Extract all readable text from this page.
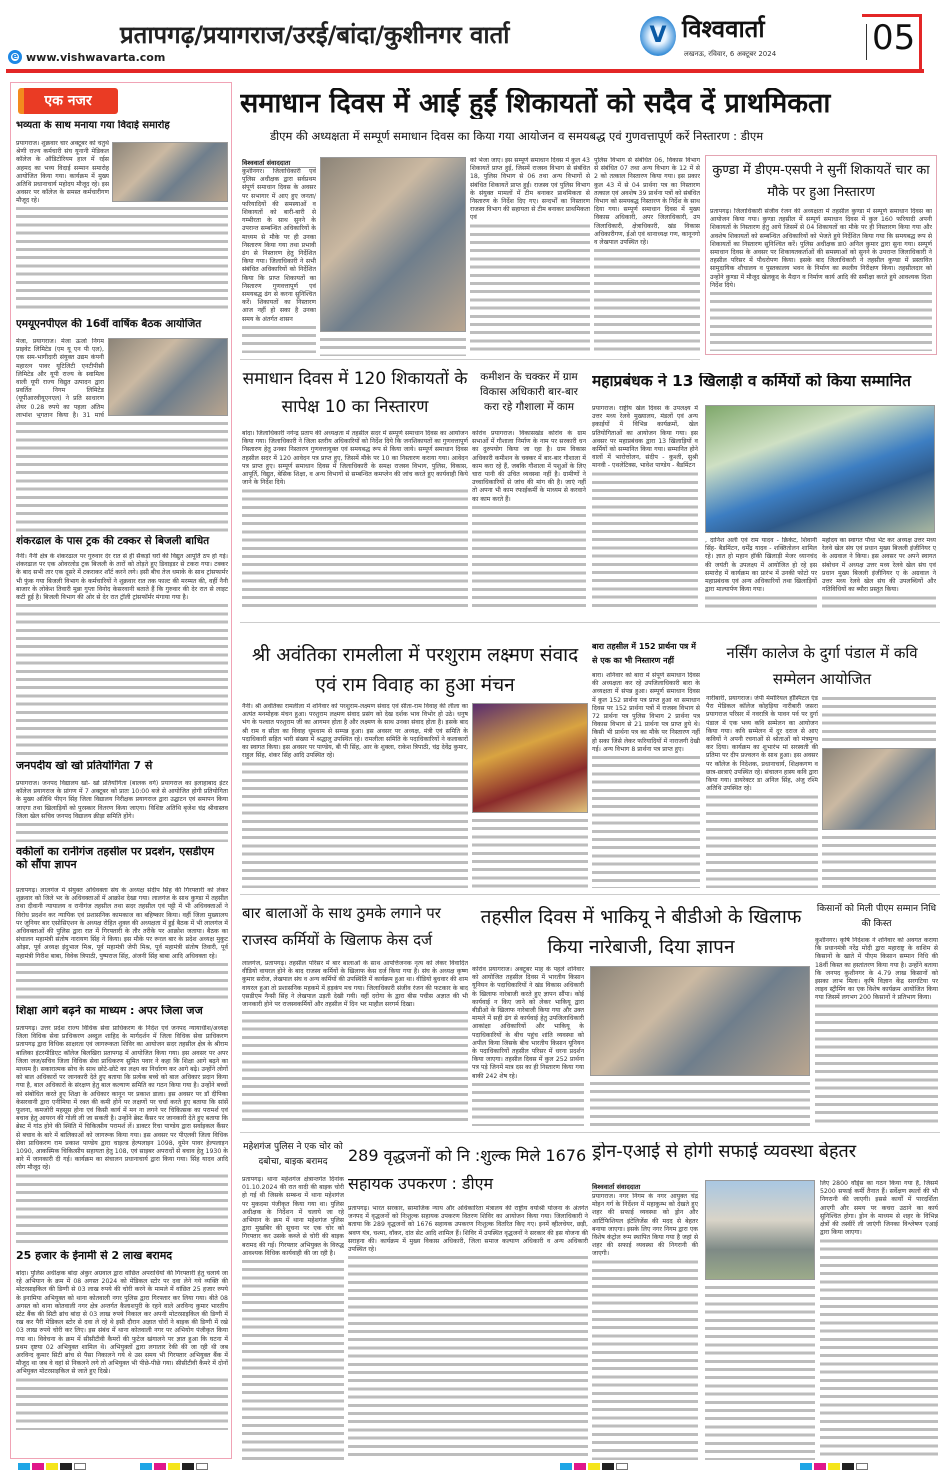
e www.vishwavarta.com
प्रतापगढ़/प्रयागराज/उरई/बांदा/कुशीनगर वार्ता	V विश्ववार्ता
लखनऊ, रविवार, 6 अक्टूबर 2024	05
एक नजर
भव्यता के साथ मनाया गया विदाई समारोह

प्रयागराज। शुक्रवार चार अक्टूबर को चतुर्थ श्रेणी राज्य कर्मचारी संघ यूनानी मेडिकल कॉलेज के ऑडिटोरियम हाल में रईस अहमद का भव्य विदाई सम्मान समारोह आयोजित किया गया। कार्यक्रम में मुख्य अतिथि प्रधानाचार्य महोदय मौजूद रहे। इस अवसर पर कॉलेज के समस्त कर्मचारीगण मौजूद रहे।

एमयूएनपीएल की 16वीं वार्षिक बैठक आयोजित

मेजा, प्रयागराज। मेजा ऊर्जा निगम प्राइवेट लिमिटेड (एम यू एन पी एल), एक सम-भागीदारी संयुक्त उद्यम कंपनी महारत्न पावर यूटिलिटी एनटीपीसी लिमिटेड और यूपी राज्य के स्वामित्व वाली यूपी राज्य विद्युत उत्पादन द्वारा प्रवर्तित निगम लिमिटेड (यूपीआरवीयूएनएल) ने प्रति साधारण शेयर 0.28 रुपये का पहला अंतिम लाभांश भुगतान किया है। 31 मार्च

शंकरढाल के पास ट्रक की टक्कर से बिजली बाधित

नैनी। नैनी क्षेत्र के शंकरढाल पर गुरुवार देर रात से ही सैकड़ों घरों की विद्युत आपूर्ति ठप हो गई। शंकरढाल पर एक ओवरलोड ट्रक बिजली के तारों को तोड़ते हुए डिवाइडर से टकरा गया। टक्कर के बाद सभी तार एक दूसरे में टकराकर शॉर्ट करने लगे। इसी बीच तेज धमाके के साथ ट्रांसफार्मर भी फुंक गया बिजली विभाग के कर्मचारियों ने शुक्रवार रात तक फाल्ट की मरम्मत की, वहीं नैनी बाजार के लोकेश तिवारी मुन्ना गुप्ता विनोद केसरवानी बताते हैं कि गुरुवार की देर रात से लाइट कटी हुई है। बिजली विभाग की ओर से देर रात ट्रॉली ट्रांसफॉर्मर मंगाया गया है।

जनपदीय खो खो प्रतियोगिता 7 से

प्रयागराज। जनपद विद्यालय खो- खो प्रतियोगिता (बालक वर्ग) प्रयागराज का इलाहाबाद इंटर कॉलेज प्रयागराज के प्रांगण में 7 अक्टूबर को प्रातः 10:00 बजे से आयोजित होगी प्रतियोगिता के मुख्य अतिथि पीएन सिंह जिला विद्यालय निरीक्षक प्रयागराज द्वारा उद्घाटन एवं समापन किया जाएगा तथा खिलाड़ियों को पुरस्कार वितरण किया जाएगा। विशिष्ट अतिथि बृजेश चंद्र श्रीवास्तव जिला खेल सचिव जनपद विद्यालय क्रीड़ा समिति होंगे।

वकीलों का रानीगंज तहसील पर प्रदर्शन, एसडीएम को सौंपा ज्ञापन

प्रतापगढ़। लालगंज मे संयुक्त अधिवक्ता संघ के अध्यक्ष संदीप सिंह की गिरफ्तारी को लेकर शुक्रवार को जिले भर के अधिवक्ताओं में आक्रोश देखा गया। लालगंज के साथ कुण्डा में तहसील तथा दीवानी न्यायालय व रानीगंज तहसील तथा सदर तहसील एवं पट्टी में भी अधिवक्ताओं ने विरोध प्रदर्शन कर न्यायिक एवं प्रशासनिक कामकाज का बहिष्कार किया। वहीं जिला मुख्यालय पर जूनियर बार एसोसिएशन के अध्यक्ष रोहित शुक्ल की अध्यक्षता में हुई बैठक में भी लालगंज में अधिवक्ताओं की पुलिस द्वारा रात में गिरफ्तारी के तौर तरीके पर आक्रोश जताया। बैठक का संचालन महामंत्री संतोष नारायण सिंह ने किया। इस मौके पर रूरल बार के प्रदेश अध्यक्ष मुकुट ओझा, पूर्व अध्यक्ष इंदुभाल मिश्र, पूर्व महामंत्री जेपी मिश्र, पूर्व महामंत्री संतोष तिवारी, पूर्व महामंत्री गिरीश बाबा, विवेक त्रिपाठी, पुष्पराज सिंह, अंजनी सिंह बाबा आदि अधिवक्ता रहे।

शिक्षा आगे बढ़ने का माध्यम : अपर जिला जज

प्रतापगढ़। उत्तर प्रदेश राज्य विधिक सेवा प्राधिकरण के निर्देश एवं जनपद न्यायाधीश/अध्यक्ष जिला विधिक सेवा प्राधिकरण अब्दुल शाहिद के मार्गदर्शन में जिला विधिक सेवा प्राधिकरण प्रतापगढ़ द्वारा विधिक साक्षरता एवं जागरूकता शिविर का आयोजन सदर तहसील क्षेत्र के श्रीराम बालिका इंटरमीडिएट कॉलेज बिलखिरा प्रतापगढ़ में आयोजित किया गया। इस अवसर पर अपर जिला जज/सचिव जिला विधिक सेवा प्राधिकरण सुमित पवार ने कहा कि शिक्षा आगे बढ़ने का माध्यम है। सकारात्मक सोच के साथ छोटे-छोटे का लक्ष्य का निर्धारण कर आगे बढ़े। उन्होंने लोगों को बाल अधिकारों पर जानकारी देते हुए बताया कि प्रत्येक बच्चे को बाल अधिकार प्रदान किया गया है, बाल अधिकारों के संरक्षण हेतु बाल कल्याण समिति का गठन किया गया है। उन्होंने बच्चों को संबोधित करते हुए शिक्षा के अधिकार कानून पर प्रकाश डाला। इस अवसर पर डॉ दीपिका केसरवानी द्वारा एनीमिया में रक्त की कमी होने पर लक्षणों पर चर्चा करते हुए बताया कि सांसें फूलना, कमजोरी महसूस होना एवं किसी कार्य में मन ना लगने पर चिकित्सक का परामर्श एवं बचाव हेतु आयरन की गोली ली जा सकती है। उन्होंने ब्रेस्ट कैंसर पर जानकारी देते हुए बताया कि ब्रेस्ट में गांठ होने की स्थिति में चिकित्सीय परामर्श लें। डाक्टर रिचा पाण्डेय द्वारा सर्वाइकल कैंसर से बचाव के बारे में बालिकाओं को जागरूक किया गया। इस अवसर पर पीएलवी जिला विधिक सेवा प्राधिकरण राम प्रकाश पाण्डेय द्वारा चाइल्ड हेल्पलाइन 1098, वूमेन पावर हेल्पलाइन 1090, आकस्मिक चिकित्सीय सहायता हेतु 108, एवं साइबर अपराधों से बचाव हेतु 1930 के बारे में जानकारी दी गई। कार्यक्रम का संचालन प्रधानाचार्य द्वारा किया गया। सिंह यादव आदि लोग मौजूद रहे।

25 हजार के ईनामी से 2 लाख बरामद

बांदा। पुलिस अधीक्षक बांदा अंकुर अग्रवाल द्वारा वांछित अपराधियों की गिरफ्तारी हेतु चलाये जा रहे अभियान के क्रम में 08 अगस्त 2024 को मेडिकल स्टोर पर दवा लेने गये व्यक्ति की मोटरसाइकिल की डिग्गी से 03 लाख रुपये की चोरी करने के मामले में वांछित 25 हजार रुपये के इनामिया अभियुक्त को थाना कोतवाली नगर पुलिस द्वारा गिरफ्तार कर लिया गया। बीते 08 अगस्त को थाना कोतवाली नगर क्षेत्र अन्तर्गत कैलाशपुरी के रहने वाले अरविन्द कुमार भारतीय स्टेट बैंक की सिटी ब्रांच बांदा से 03 लाख रुपये निकाल कर अपनी मोटरसाइकिल की डिग्गी में रख कर पैरी मेडिकल स्टोर से दवा ले रहे थे इसी दौरान अज्ञात चोरों ने बाइक की डिग्गी में रखे 03 लाख रुपये चोरी कर लिए। इस संबंध में थाना कोतवाली नगर पर अभियोग पंजीकृत किया गया था। विवेचना के क्रम में सीसीटीवी कैमरों की फुटेज खंगालने पर ज्ञात हुआ कि घटना में प्रथम दृष्टया 02 अभियुक्त शामिल थे। अभियुक्तों द्वारा लगातार रेकी की जा रही थी जब अरविन्द कुमार सिटी ब्रांच से पैसा निकालने गये थे उस समय भी गिरफ्तार अभियुक्त बैंक में मौजूद था जब वे वहां से निकलने लगे तो अभियुक्त भी पीछे-पीछे गया। सीसीटीवी कैमरे में दोनों अभियुक्त मोटरसाइकिल से जाते हुए दिखे।

समाधान दिवस में आई हुईं शिकायतों को सदैव दें प्राथमिकता
डीएम की अध्यक्षता में सम्पूर्ण समाधान दिवस का किया गया आयोजन व समयबद्ध एवं गुणवत्तापूर्ण करें निस्तारण : डीएम
विश्ववार्ता संवाददाता

कुशीनगर। जिलाधिकारी एवं पुलिस अधीक्षक द्वारा सर्वप्रथम संपूर्ण समाधान दिवस के अवसर पर सभागार में आए हुए जनता/ फरियादियों की समस्याओं व शिकायतों को बारी-बारी से गम्भीरता के साथ सुनने के उपरान्त सम्बन्धित अधिकारियों के माध्यम से मौके पर ही उनका निस्तारण किया गया तथा प्रभावी ढंग से निस्तारण हेतु निर्देशित किया गया। जिलाधिकारी ने सभी संबंधित अधिकारियों को निर्देशित किया कि प्राप्त शिकायतों का निस्तारण गुणवत्तापूर्ण एवं समयबद्ध ढंग से करना सुनिश्चित करें। शिकायतों का निस्तारण आज नहीं हो सका है उनका समय के अंतर्गत शासन

को भेजा जाए। इस सम्पूर्ण समाधान दिवस में कुल 43 शिकायतें प्राप्त हुई, जिसमें राजस्व विभाग से संबंधित 18, पुलिस विभाग से 06 तथा अन्य विभागों से संबंधित शिकायतें प्राप्त हुईं। राजस्व एवं पुलिस विभाग के संयुक्त मामलों में टीम बनाकर प्राथमिकता से निस्तारण के निर्देश दिए गए। सन्दर्भों का निस्तारण राजस्व विभाग की सहायता से टीम बनाकर प्राथमिकता एवं

पुलिस विभाग से संबंधित 06, विकास विभाग से संबंधित 07 तथा अन्य विभाग के 12 में से 2 को तत्काल निस्तारण किया गया। इस प्रकार कुल 43 में से 04 प्रार्थना पत्र का निस्तारण तत्काल एवं अवशेष 39 प्रार्थना पत्रों को संबंधित विभाग को समयबद्ध निस्तारण के निर्देश के साथ दिया गया। सम्पूर्ण समाधान दिवस में मुख्य विकास अधिकारी, अपर जिलाधिकारी, उप जिलाधिकारी, क्षेत्राधिकारी, खंड विकास अधिकारीगण, ईओ एवं थानाध्यक्ष गण, कानूनगो व लेखपाल उपस्थित रहे।

कुण्डा में डीएम-एसपी ने सुनीं शिकायतें चार का मौके पर हुआ निस्तारण

प्रतापगढ़। जिलाधिकारी संजीव रंजन की अध्यक्षता में तहसील कुण्डा में सम्पूर्ण समाधान दिवस का आयोजन किया गया। कुण्डा तहसील में सम्पूर्ण समाधान दिवस में कुल 160 फरियादी अपनी शिकायतों के निस्तारण हेतु आये जिसमें से 04 शिकायतों का मौके पर ही निस्तारण किया गया और अवशेष शिकायतों को सम्बन्धित अधिकारियों को भेजते हुये निर्देशित किया गया कि समयबद्ध रूप से शिकायतों का निस्तारण सुनिश्चित करें। पुलिस अधीक्षक डा0 अनिल कुमार द्वारा सुना गया। सम्पूर्ण समाधान दिवस के अवसर पर शिकायतकर्ताओं की समस्याओं को सुनने के उपरान्त जिलाधिकारी ने तहसील परिसर में पौधरोपण किया। इसके बाद जिलाधिकारी ने तहसील कुण्डा में प्रस्तावित सामुदायिक शौचालय व पुस्तकालय भवन के निर्माण का स्थलीय निरीक्षण किया। तहसीलदार को उन्होंने कुण्डा में मौजूद खेलकूद के मैदान व निर्माण कार्य आदि की समीक्षा करते हुये आवश्यक दिशा निर्देश दिये।

समाधान दिवस में 120 शिकायतों के सापेक्ष 10 का निस्तारण

बांदा। जिलाधिकारी नगेन्द्र प्रताप की अध्यक्षता में तहसील सदर में सम्पूर्ण समाधान दिवस का आयोजन किया गया। जिलाधिकारी ने जिला स्तरीय अधिकारियों को निर्देश दिये कि जनशिकायतों का गुणवत्तापूर्ण निस्तारण हेतु उनका निस्तारण गुणवत्तायुक्त एवं समयबद्ध रूप से किया जाये। सम्पूर्ण समाधान दिवस तहसील सदर में 120 आवेदन पत्र प्राप्त हुए, जिसमें मौके पर 10 का निस्तारण कराया गया। आवेदन पत्र प्राप्त हुए। सम्पूर्ण समाधान दिवस में जिलाधिकारी के समक्ष राजस्व विभाग, पुलिस, विकास, आपूर्ति, विद्युत, बेसिक शिक्षा, व अन्य विभागों से सम्बन्धित कमप्लेन की जांच करते हुए कार्यवाही किये जाने के निर्देश दिये।

कमीशन के चक्कर में ग्राम विकास अधिकारी बार-बार करा रहे गौशाला में काम

कोरांव प्रयागराज। विकासखंड कोरांव के ग्राम सभाओं में गौशाला निर्माण के नाम पर सरकारी धन का दुरुपयोग किया जा रहा है। ग्राम विकास अधिकारी कमीशन के चक्कर में बार-बार गौशाला में काम करा रहे हैं, जबकि गौशाला में पशुओं के लिए चारा पानी की उचित व्यवस्था नहीं है। ग्रामीणों ने उच्चाधिकारियों से जांच की मांग की है। जाएं नहीं तो अपना भी काम रफाईकर्मी के माध्यम से करवाने का काम करते हैं।

महाप्रबंधक ने 13 खिलाड़ी व कर्मियों को किया सम्मानित

प्रयागराज। राष्ट्रीय खेल दिवस के उपलक्ष्य में उत्तर मध्य रेलवे मुख्यालय, मंडलों एवं अन्य इकाईयों में विभिन्न कार्यक्रमों, खेल प्रतियोगिताओं का आयोजन किया गया। इस अवसर पर महाप्रबंधक द्वारा 13 खिलाड़ियों व कर्मियों को सम्मानित किया गया। सम्मानित होने वालों में भारोत्तोलन, संदीप - कुश्ती, सुश्री मानवी - एथलेटिक्स, भावेश पाण्डेय - बैडमिंटन

, दानिश अली एवं राम यादव - क्रिकेट, शिवानी सिंह- बैडमिंटन, धर्मेंद्र यादव - शक्तितोलन शामिल रहे। ज्ञात हो महान हॉकी खिलाड़ी मेजर ध्यानचंद की जयंती के उपलक्ष्य में आयोजित हो रहे इस समारोह में कार्यक्रम का प्रारंभ में उनकी फोटो पर महाप्रबंधक एवं अन्य अधिकारियों तथा खिलाड़ियों द्वारा माल्यार्पण किया गया।

महोदय का स्वागत पौधा भेंट कर अध्यक्ष उत्तर मध्य रेलवे खेल संघ एवं प्रधान मुख्य बिजली इंजीनियर ए के अग्रवाल ने किया। इस अवसर पर अपने स्वागत संबोधन में अध्यक्ष उत्तर मध्य रेलवे खेल संघ एवं प्रधान मुख्य बिजली इंजीनियर ए के अग्रवाल ने उत्तर मध्य रेलवे खेल संघ की उपलब्धियों और गतिविधियों का ब्यौरा प्रस्तुत किया।

श्री अवंतिका रामलीला में परशुराम लक्ष्मण संवाद एवं राम विवाह का हुआ मंचन

नैनी। श्री अवंतिका रामलीला में शनिवार को परशुराम-लक्ष्मण संवाद एवं सीता-राम विवाह की लीला का अत्यंत मनमोहक मंचन हुआ। परशुराम लक्ष्मण संवाद प्रसंग को देख दर्शक भाव विभोर हो उठे। धनुष भंग के पश्चात परशुराम जी का आगमन होता है और लक्ष्मण के साथ उनका संवाद होता है। इसके बाद श्री राम व सीता का विवाह धूमधाम से सम्पन्न हुआ। इस अवसर पर अध्यक्ष, मंत्री एवं समिति के पदाधिकारी सहित भारी संख्या में श्रद्धालु उपस्थित रहे। रामलीला समिति के पदाधिकारियों ने कलाकारों का स्वागत किया। इस अवसर पर पाण्डेय, बी पी सिंह, आर के शुक्ला, राकेश त्रिपाठी, चंद्र देवेंद्र कुमार, राहुल सिंह, शंकर सिंह आदि उपस्थित रहे।

बारा तहसील में 152 प्रार्थना पत्र में से एक का भी निस्तारण नहीं

बारा। शनिवार को बारा में संपूर्ण समाधान दिवस की अध्यक्षता कर रहे उपजिलाधिकारी बारा के अध्यक्षता में संपन्न हुआ। सम्पूर्ण समाधान दिवस में कुल 152 प्रार्थना पत्र प्राप्त हुआ था समाधान दिवस पर 152 प्रार्थना पत्रों में राजस्व विभाग से 72 प्रार्थना पत्र पुलिस विभाग 2 प्रार्थना पत्र विकास विभाग से 21 प्रार्थना पत्र प्राप्त हुये थे। किसी भी प्रार्थना पत्र का मौके पर निस्तारण नहीं हो सका जिसे लेकर फरियादियों में नाराजगी देखी गई। अन्य विभाग 8 प्रार्थना पत्र प्राप्त हुए।

नर्सिंग कालेज के दुर्गा पंडाल में कवि सम्मेलन आयोजित

नारीबारी, प्रयागराज। जेपी मेमोरियल हॉस्पिटल एंड पैरा मेडिकल कॉलेज कोहड़िया नारीबारी जसरा प्रयागराज परिसर में नवरात्रि के पावन पर्व पर दुर्गा पंडाल में एक भव्य कवि सम्मेलन का आयोजन किया गया। कवि सम्मेलन में दूर दराज से आए कवियों ने अपनी रचनाओं से श्रोताओं को मंत्रमुग्ध कर दिया। कार्यक्रम का शुभारंभ मां सरस्वती की प्रतिमा पर दीप प्रज्वलन के साथ हुआ। इस अवसर पर कॉलेज के निदेशक, प्रधानाचार्य, शिक्षकगण व छात्र-छात्राएं उपस्थित रहे। संचालन हास्य कवि द्वारा किया गया। डायरेक्टर डा अनिल सिंह, अंजु रश्मि अतिथि उपस्थित रहे।

बार बालाओं के साथ ठुमके लगाने पर राजस्व कर्मियों के खिलाफ केस दर्ज

लालगंज, प्रतापगढ़। तहसील परिसर में बार बालाओं के साथ आपत्तिजनक नृत्य को लेकर विवादित वीडियो वायरल होने के बाद राजस्व कर्मियों के खिलाफ केस दर्ज किया गया है। संघ के अध्यक्ष कृष्ण कुमार सरोज, लेखपाल संघ व अन्य कर्मियों की उपस्थिति में कार्यक्रम हुआ था। वीडियो बुधवार की शाम वायरल हुआ तो प्रशासनिक महकमे में हड़कंप मच गया। जिलाधिकारी संजीव रंजन की फटकार के बाद एसडीएम नैन्सी सिंह ने लेखपाल उड़ती देखी गयी। वहीं दरोगा के द्वारा बीस पचीस अज्ञात की भी जानकारी होने पर राजस्वकर्मियों और तहसील में दिन भर माहौल सरगर्म दिखा।

तहसील दिवस में भाकियू ने बीडीओ के खिलाफ किया नारेबाजी, दिया ज्ञापन

कोरांव प्रयागराज। अक्टूबर माह के पहले शनिवार को आयोजित तहसील दिवस में भारतीय किसान यूनियन के पदाधिकारियों ने खंड विकास अधिकारी के खिलाफ नारेबाजी करते हुए ज्ञापन सौंपा। कोई कार्यवाई न किए जाने को लेकर भाकियू द्वारा बीडीओ के खिलाफ नारेबाजी किया गया और उक्त मामले में सही ढंग से कार्यवाई हेतु उपजिलाधिकारी आकांक्षा अधिकारियों और भाकियू के पदाधिकारियों के बीच पहुंच शांति व्यवस्था को अपील किया जिसके बीच भारतीय किसान यूनियन के पदाधिकारियों तहसील परिसर में धरना प्रदर्शन किया जाएगा। तहसील दिवस में कुल 252 प्रार्थना पत्र पड़े जिनमें मात्र दस का ही निस्तारण किया गया बाकी 242 शेष रहे।

किसानों को मिली पीएम सम्मान निधि की किस्त

कुशीनगर। कृषि निदेशक ने शनिवार को अवगत कराया कि प्रधानमंत्री नरेंद्र मोदी द्वारा महाराष्ट्र के वाशिम से किसानों के खाते में पीएम किसान सम्मान निधि की 18वीं किस्त का हस्तांतरण किया गया है। उन्होंने बताया कि जनपद कुशीनगर के 4.79 लाख किसानों को इसका लाभ मिला। कृषि विज्ञान केंद्र सरगटिया पर लाइव स्ट्रीमिंग का एक विशेष कार्यक्रम आयोजित किया गया जिसमें लगभग 200 किसानों ने प्रतिभाग किया।

महेशगंज पुलिस ने एक चोर को दबोचा, बाइक बरामद

प्रतापगढ़। थाना महेशगंज क्षेत्रान्तर्गत दिनांक 01.10.2024 की रात वादी की बाइक चोरी हो गई थी जिसके सम्बन्ध में थाना महेशगंज पर मुकदमा पंजीकृत किया गया था। पुलिस अधीक्षक के निर्देशन में चलाये जा रहे अभियान के क्रम में थाना महेशगंज पुलिस द्वारा मुखबिर की सूचना पर एक चोर को गिरफ्तार कर उसके कब्जे से चोरी की बाइक बरामद की गई। गिरफ्तार अभियुक्त के विरुद्ध आवश्यक विधिक कार्यवाही की जा रही है।

289 वृद्धजनों को नि :शुल्क मिले 1676 सहायक उपकरण : डीएम

प्रतापगढ़। भारत सरकार, सामाजिक न्याय और अधिकारिता मंत्रालय की राष्ट्रीय वयोश्री योजना के अंतर्गत जनपद में वृद्धजनों को निःशुल्क सहायक उपकरण वितरण शिविर का आयोजन किया गया। जिलाधिकारी ने बताया कि 289 वृद्धजनों को 1676 सहायक उपकरण निःशुल्क वितरित किए गए। इनमें व्हीलचेयर, छड़ी, श्रवण यंत्र, चश्मा, वॉकर, दांत सेट आदि शामिल हैं। शिविर में उपस्थित वृद्धजनों ने सरकार की इस योजना की सराहना की। कार्यक्रम में मुख्य विकास अधिकारी, जिला समाज कल्याण अधिकारी व अन्य अधिकारी उपस्थित रहे।

ड्रोन-एआई से होगी सफाई व्यवस्था बेहतर
विश्ववार्ता संवाददाता

प्रयागराज। नगर निगम के नगर आयुक्त चंद्र मोहन गर्ग के निर्देशन में महाकुम्भ को देखते हुए शहर की सफाई व्यवस्था को ड्रोन और आर्टिफिशियल इंटेलिजेंस की मदद से बेहतर बनाया जाएगा। इसके लिए नगर निगम द्वारा एक विशेष कंट्रोल रूम स्थापित किया गया है जहां से शहर की सफाई व्यवस्था की निगरानी की जाएगी।

लिए 2800 वॉर्ड्स का गठन किया गया है, जिसमें 5200 सफाई कर्मी तैनात हैं। सर्वेक्षण स्थलों की भी निगरानी की जाएगी। इससे कार्यों में पारदर्शिता आएगी और समय पर कचरा उठाने का कार्य सुनिश्चित होगा। ड्रोन के माध्यम से शहर के विभिन्न क्षेत्रों की तस्वीरें ली जाएंगी जिनका विश्लेषण एआई द्वारा किया जाएगा।
